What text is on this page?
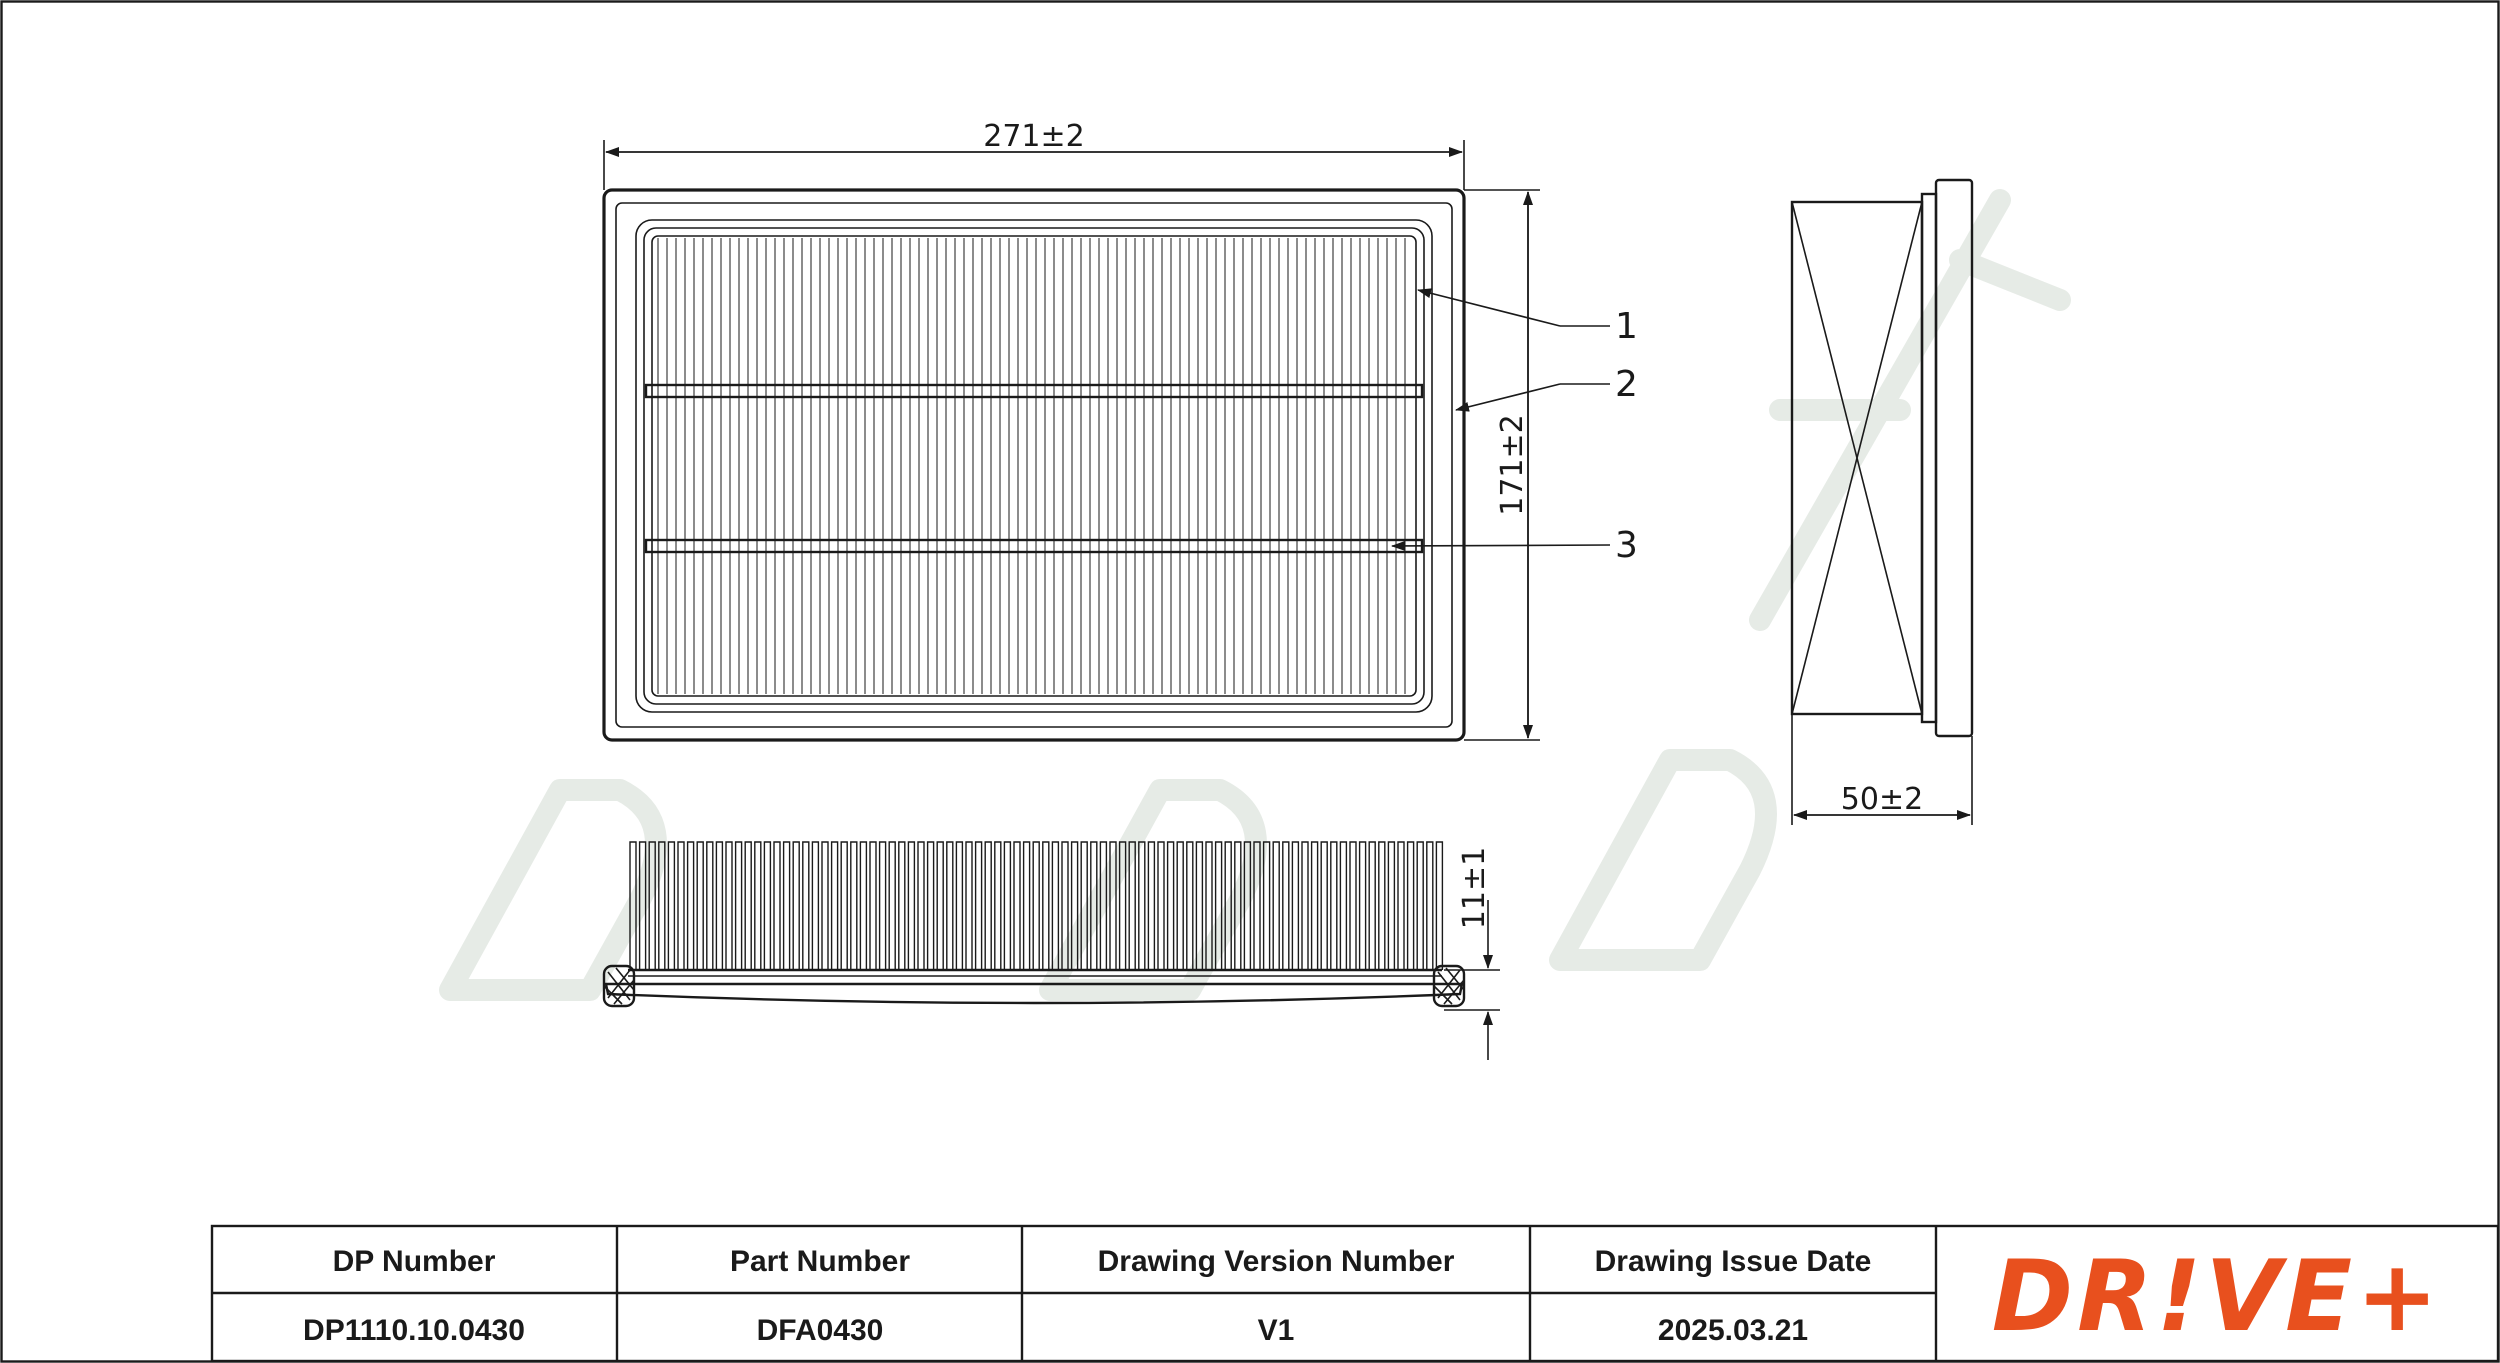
271±2
171±2
1
2
3
50±2
11±1
DP Number	Part Number	Drawing Version Number	Drawing Issue Date
DP1110.10.0430	DFA0430	V1	2025.03.21 DR!VE+
